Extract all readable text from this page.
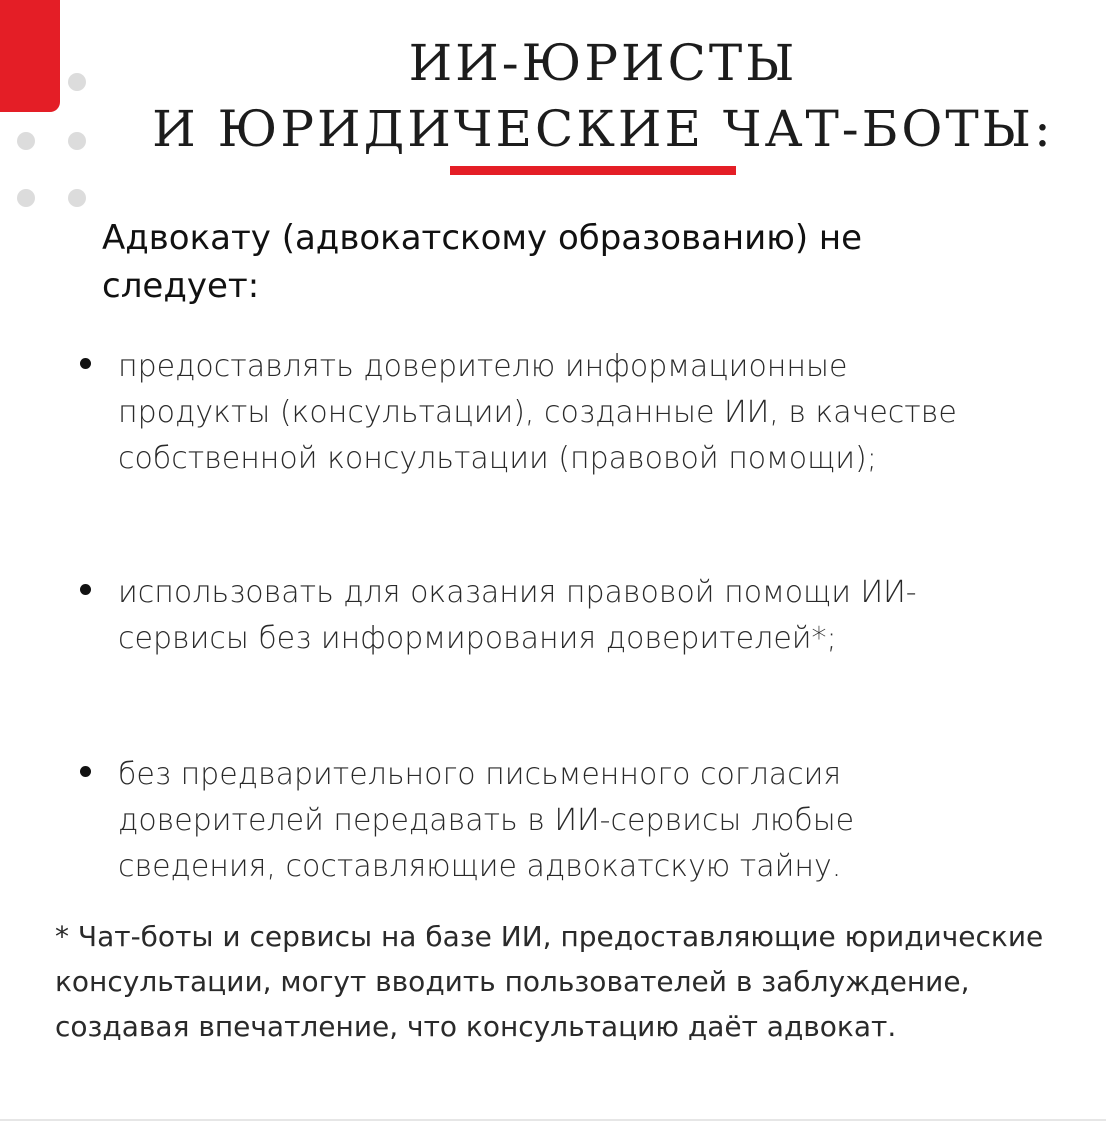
ИИ-ЮРИСТЫ
И ЮРИДИЧЕСКИЕ ЧАТ-БОТЫ:

Адвокату (адвокатскому образованию) не следует:

предоставлять доверителю информационные продукты (консультации), созданные ИИ, в качестве собственной консультации (правовой помощи);
использовать для оказания правовой помощи ИИ-сервисы без информирования доверителей*;
без предварительного письменного согласия доверителей передавать в ИИ-сервисы любые сведения, составляющие адвокатскую тайну.

* Чат-боты и сервисы на базе ИИ, предоставляющие юридические консультации, могут вводить пользователей в заблуждение, создавая впечатление, что консультацию даёт адвокат.
